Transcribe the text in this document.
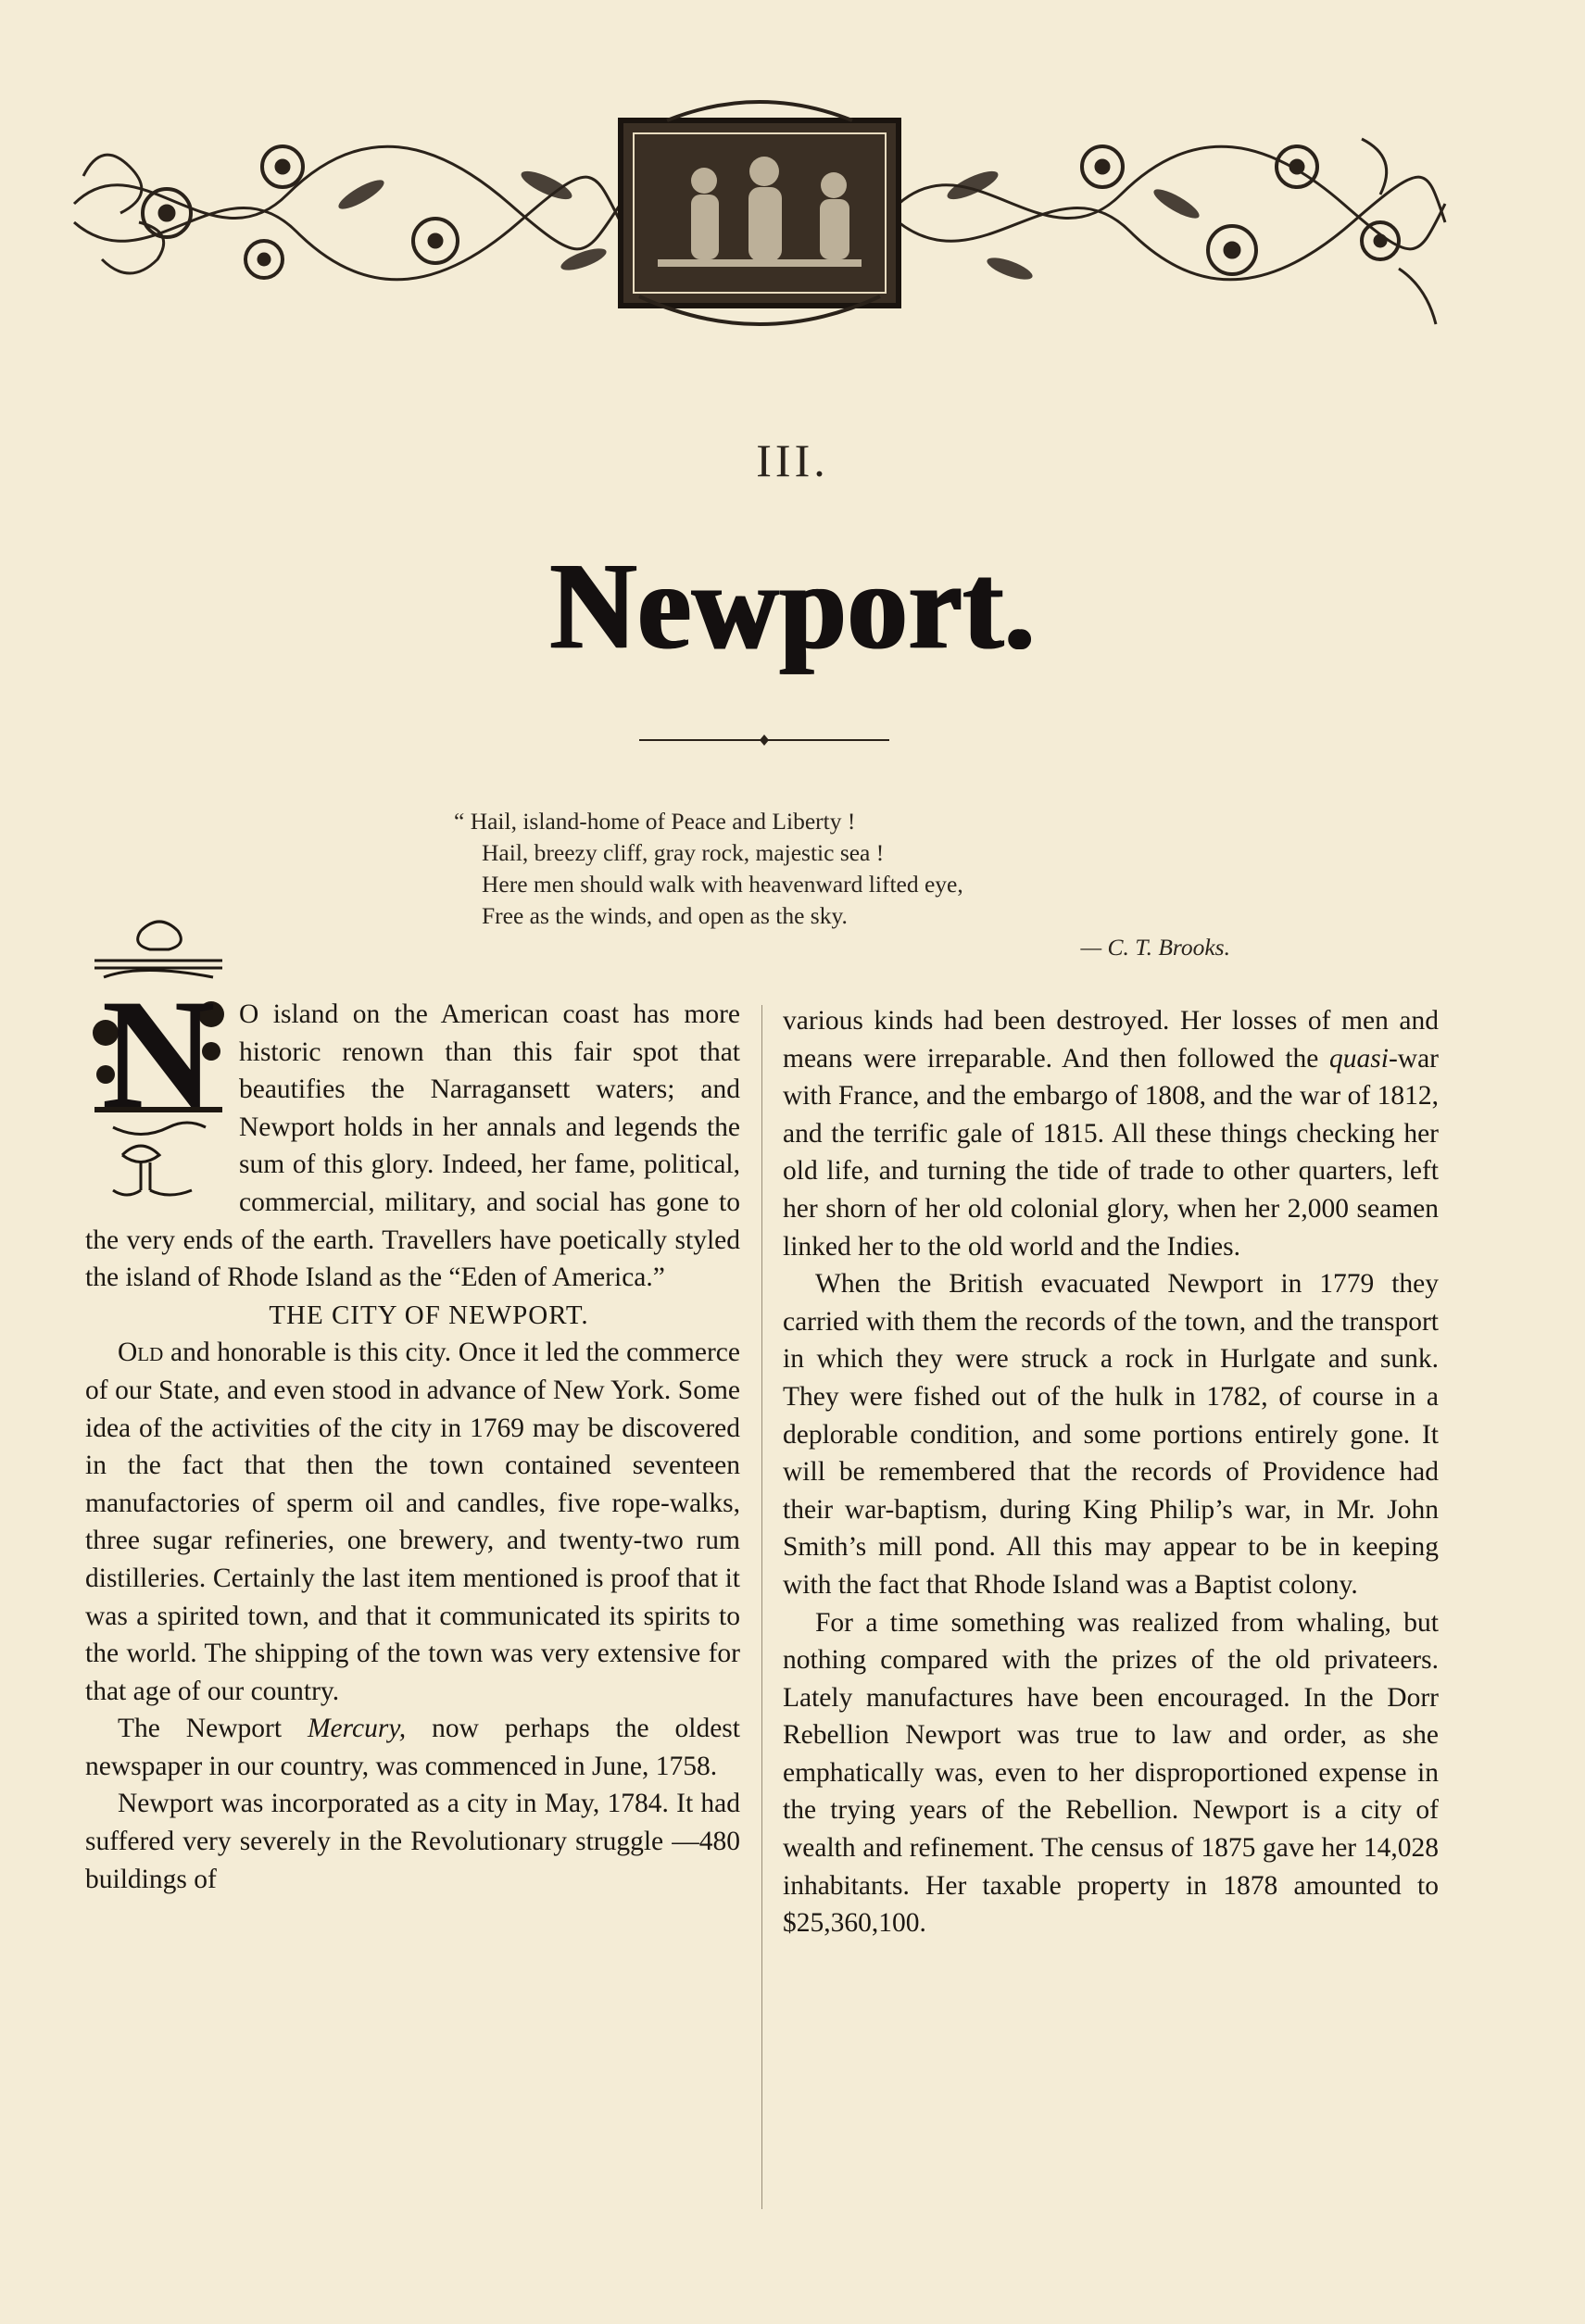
III.
Newport.
“ Hail, island-home of Peace and Liberty !
Hail, breezy cliff, gray rock, majestic sea !
Here men should walk with heavenward lifted eye,
Free as the winds, and open as the sky.
— C. T. Brooks.
N O island on the American coast has more historic renown than this fair spot that beautifies the Narragansett waters; and Newport holds in her annals and legends the sum of this glory. Indeed, her fame, political, commercial, military, and social has gone to the very ends of the earth. Travellers have poetically styled the island of Rhode Island as the “Eden of America.”

THE CITY OF NEWPORT.

Old and honorable is this city. Once it led the commerce of our State, and even stood in advance of New York. Some idea of the activities of the city in 1769 may be discovered in the fact that then the town contained seventeen manufactories of sperm oil and candles, five rope-walks, three sugar refineries, one brewery, and twenty-two rum distilleries. Certainly the last item mentioned is proof that it was a spirited town, and that it communicated its spirits to the world. The shipping of the town was very extensive for that age of our country.

The Newport Mercury, now perhaps the oldest newspaper in our country, was commenced in June, 1758.

Newport was incorporated as a city in May, 1784. It had suffered very severely in the Revolutionary struggle —480 buildings of

various kinds had been destroyed. Her losses of men and means were irreparable. And then followed the quasi-war with France, and the embargo of 1808, and the war of 1812, and the terrific gale of 1815. All these things checking her old life, and turning the tide of trade to other quarters, left her shorn of her old colonial glory, when her 2,000 seamen linked her to the old world and the Indies.

When the British evacuated Newport in 1779 they carried with them the records of the town, and the transport in which they were struck a rock in Hurlgate and sunk. They were fished out of the hulk in 1782, of course in a deplorable condition, and some portions entirely gone. It will be remembered that the records of Providence had their war-baptism, during King Philip’s war, in Mr. John Smith’s mill pond. All this may appear to be in keeping with the fact that Rhode Island was a Baptist colony.

For a time something was realized from whaling, but nothing compared with the prizes of the old privateers. Lately manufactures have been encouraged. In the Dorr Rebellion Newport was true to law and order, as she emphatically was, even to her disproportioned expense in the trying years of the Rebellion. Newport is a city of wealth and refinement. The census of 1875 gave her 14,028 inhabitants. Her taxable property in 1878 amounted to $25,360,100.
